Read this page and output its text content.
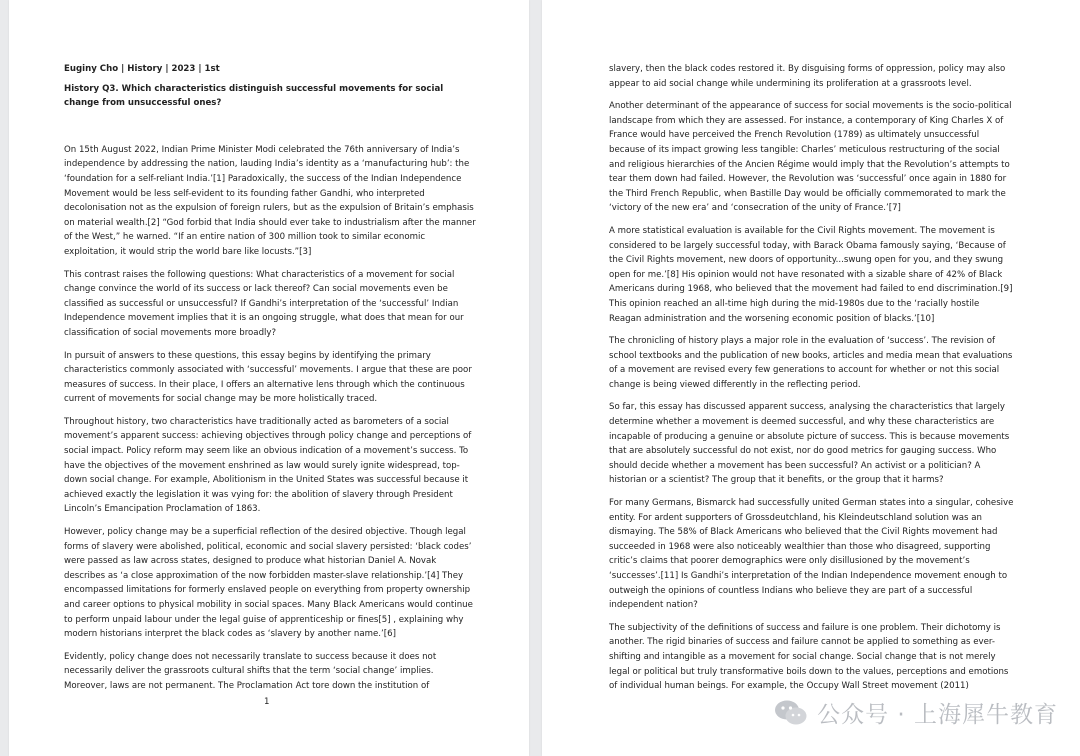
Euginy Cho | History | 2023 | 1st
History Q3. Which characteristics distinguish successful movements for social change from unsuccessful ones?

On 15th August 2022, Indian Prime Minister Modi celebrated the 76th anniversary of India’s independence by addressing the nation, lauding India’s identity as a ‘manufacturing hub’: the ‘foundation for a self-reliant India.’[1] Paradoxically, the success of the Indian Independence Movement would be less self-evident to its founding father Gandhi, who interpreted decolonisation not as the expulsion of foreign rulers, but as the expulsion of Britain’s emphasis on material wealth.[2] “God forbid that India should ever take to industrialism after the manner of the West,” he warned. “If an entire nation of 300 million took to similar economic exploitation, it would strip the world bare like locusts.”[3]

This contrast raises the following questions: What characteristics of a movement for social change convince the world of its success or lack thereof? Can social movements even be classified as successful or unsuccessful? If Gandhi’s interpretation of the ‘successful’ Indian Independence movement implies that it is an ongoing struggle, what does that mean for our classification of social movements more broadly?

In pursuit of answers to these questions, this essay begins by identifying the primary characteristics commonly associated with ‘successful’ movements. I argue that these are poor measures of success. In their place, I offers an alternative lens through which the continuous current of movements for social change may be more holistically traced.

Throughout history, two characteristics have traditionally acted as barometers of a social movement’s apparent success: achieving objectives through policy change and perceptions of social impact. Policy reform may seem like an obvious indication of a movement’s success. To have the objectives of the movement enshrined as law would surely ignite widespread, top-down social change. For example, Abolitionism in the United States was successful because it achieved exactly the legislation it was vying for: the abolition of slavery through President Lincoln’s Emancipation Proclamation of 1863.

However, policy change may be a superficial reflection of the desired objective. Though legal forms of slavery were abolished, political, economic and social slavery persisted: ‘black codes’ were passed as law across states, designed to produce what historian Daniel A. Novak describes as ‘a close approximation of the now forbidden master-slave relationship.’[4] They encompassed limitations for formerly enslaved people on everything from property ownership and career options to physical mobility in social spaces. Many Black Americans would continue to perform unpaid labour under the legal guise of apprenticeship or fines[5] , explaining why modern historians interpret the black codes as ‘slavery by another name.’[6]

Evidently, policy change does not necessarily translate to success because it does not necessarily deliver the grassroots cultural shifts that the term ‘social change’ implies. Moreover, laws are not permanent. The Proclamation Act tore down the institution of

1

slavery, then the black codes restored it. By disguising forms of oppression, policy may also appear to aid social change while undermining its proliferation at a grassroots level.

Another determinant of the appearance of success for social movements is the socio-political landscape from which they are assessed. For instance, a contemporary of King Charles X of France would have perceived the French Revolution (1789) as ultimately unsuccessful because of its impact growing less tangible: Charles’ meticulous restructuring of the social and religious hierarchies of the Ancien Régime would imply that the Revolution’s attempts to tear them down had failed. However, the Revolution was ‘successful’ once again in 1880 for the Third French Republic, when Bastille Day would be officially commemorated to mark the ‘victory of the new era’ and ‘consecration of the unity of France.’[7]

A more statistical evaluation is available for the Civil Rights movement. The movement is considered to be largely successful today, with Barack Obama famously saying, ‘Because of the Civil Rights movement, new doors of opportunity...swung open for you, and they swung open for me.’[8] His opinion would not have resonated with a sizable share of 42% of Black Americans during 1968, who believed that the movement had failed to end discrimination.[9] This opinion reached an all-time high during the mid-1980s due to the ‘racially hostile Reagan administration and the worsening economic position of blacks.’[10]

The chronicling of history plays a major role in the evaluation of ‘success’. The revision of school textbooks and the publication of new books, articles and media mean that evaluations of a movement are revised every few generations to account for whether or not this social change is being viewed differently in the reflecting period.

So far, this essay has discussed apparent success, analysing the characteristics that largely determine whether a movement is deemed successful, and why these characteristics are incapable of producing a genuine or absolute picture of success. This is because movements that are absolutely successful do not exist, nor do good metrics for gauging success. Who should decide whether a movement has been successful? An activist or a politician? A historian or a scientist? The group that it benefits, or the group that it harms?

For many Germans, Bismarck had successfully united German states into a singular, cohesive entity. For ardent supporters of Grossdeutchland, his Kleindeutschland solution was an dismaying. The 58% of Black Americans who believed that the Civil Rights movement had succeeded in 1968 were also noticeably wealthier than those who disagreed, supporting critic’s claims that poorer demographics were only disillusioned by the movement’s ‘successes’.[11] Is Gandhi’s interpretation of the Indian Independence movement enough to outweigh the opinions of countless Indians who believe they are part of a successful independent nation?

The subjectivity of the definitions of success and failure is one problem. Their dichotomy is another. The rigid binaries of success and failure cannot be applied to something as ever-shifting and intangible as a movement for social change. Social change that is not merely legal or political but truly transformative boils down to the values, perceptions and emotions of individual human beings. For example, the Occupy Wall Street movement (2011)

公众号 · 上海犀牛教育
